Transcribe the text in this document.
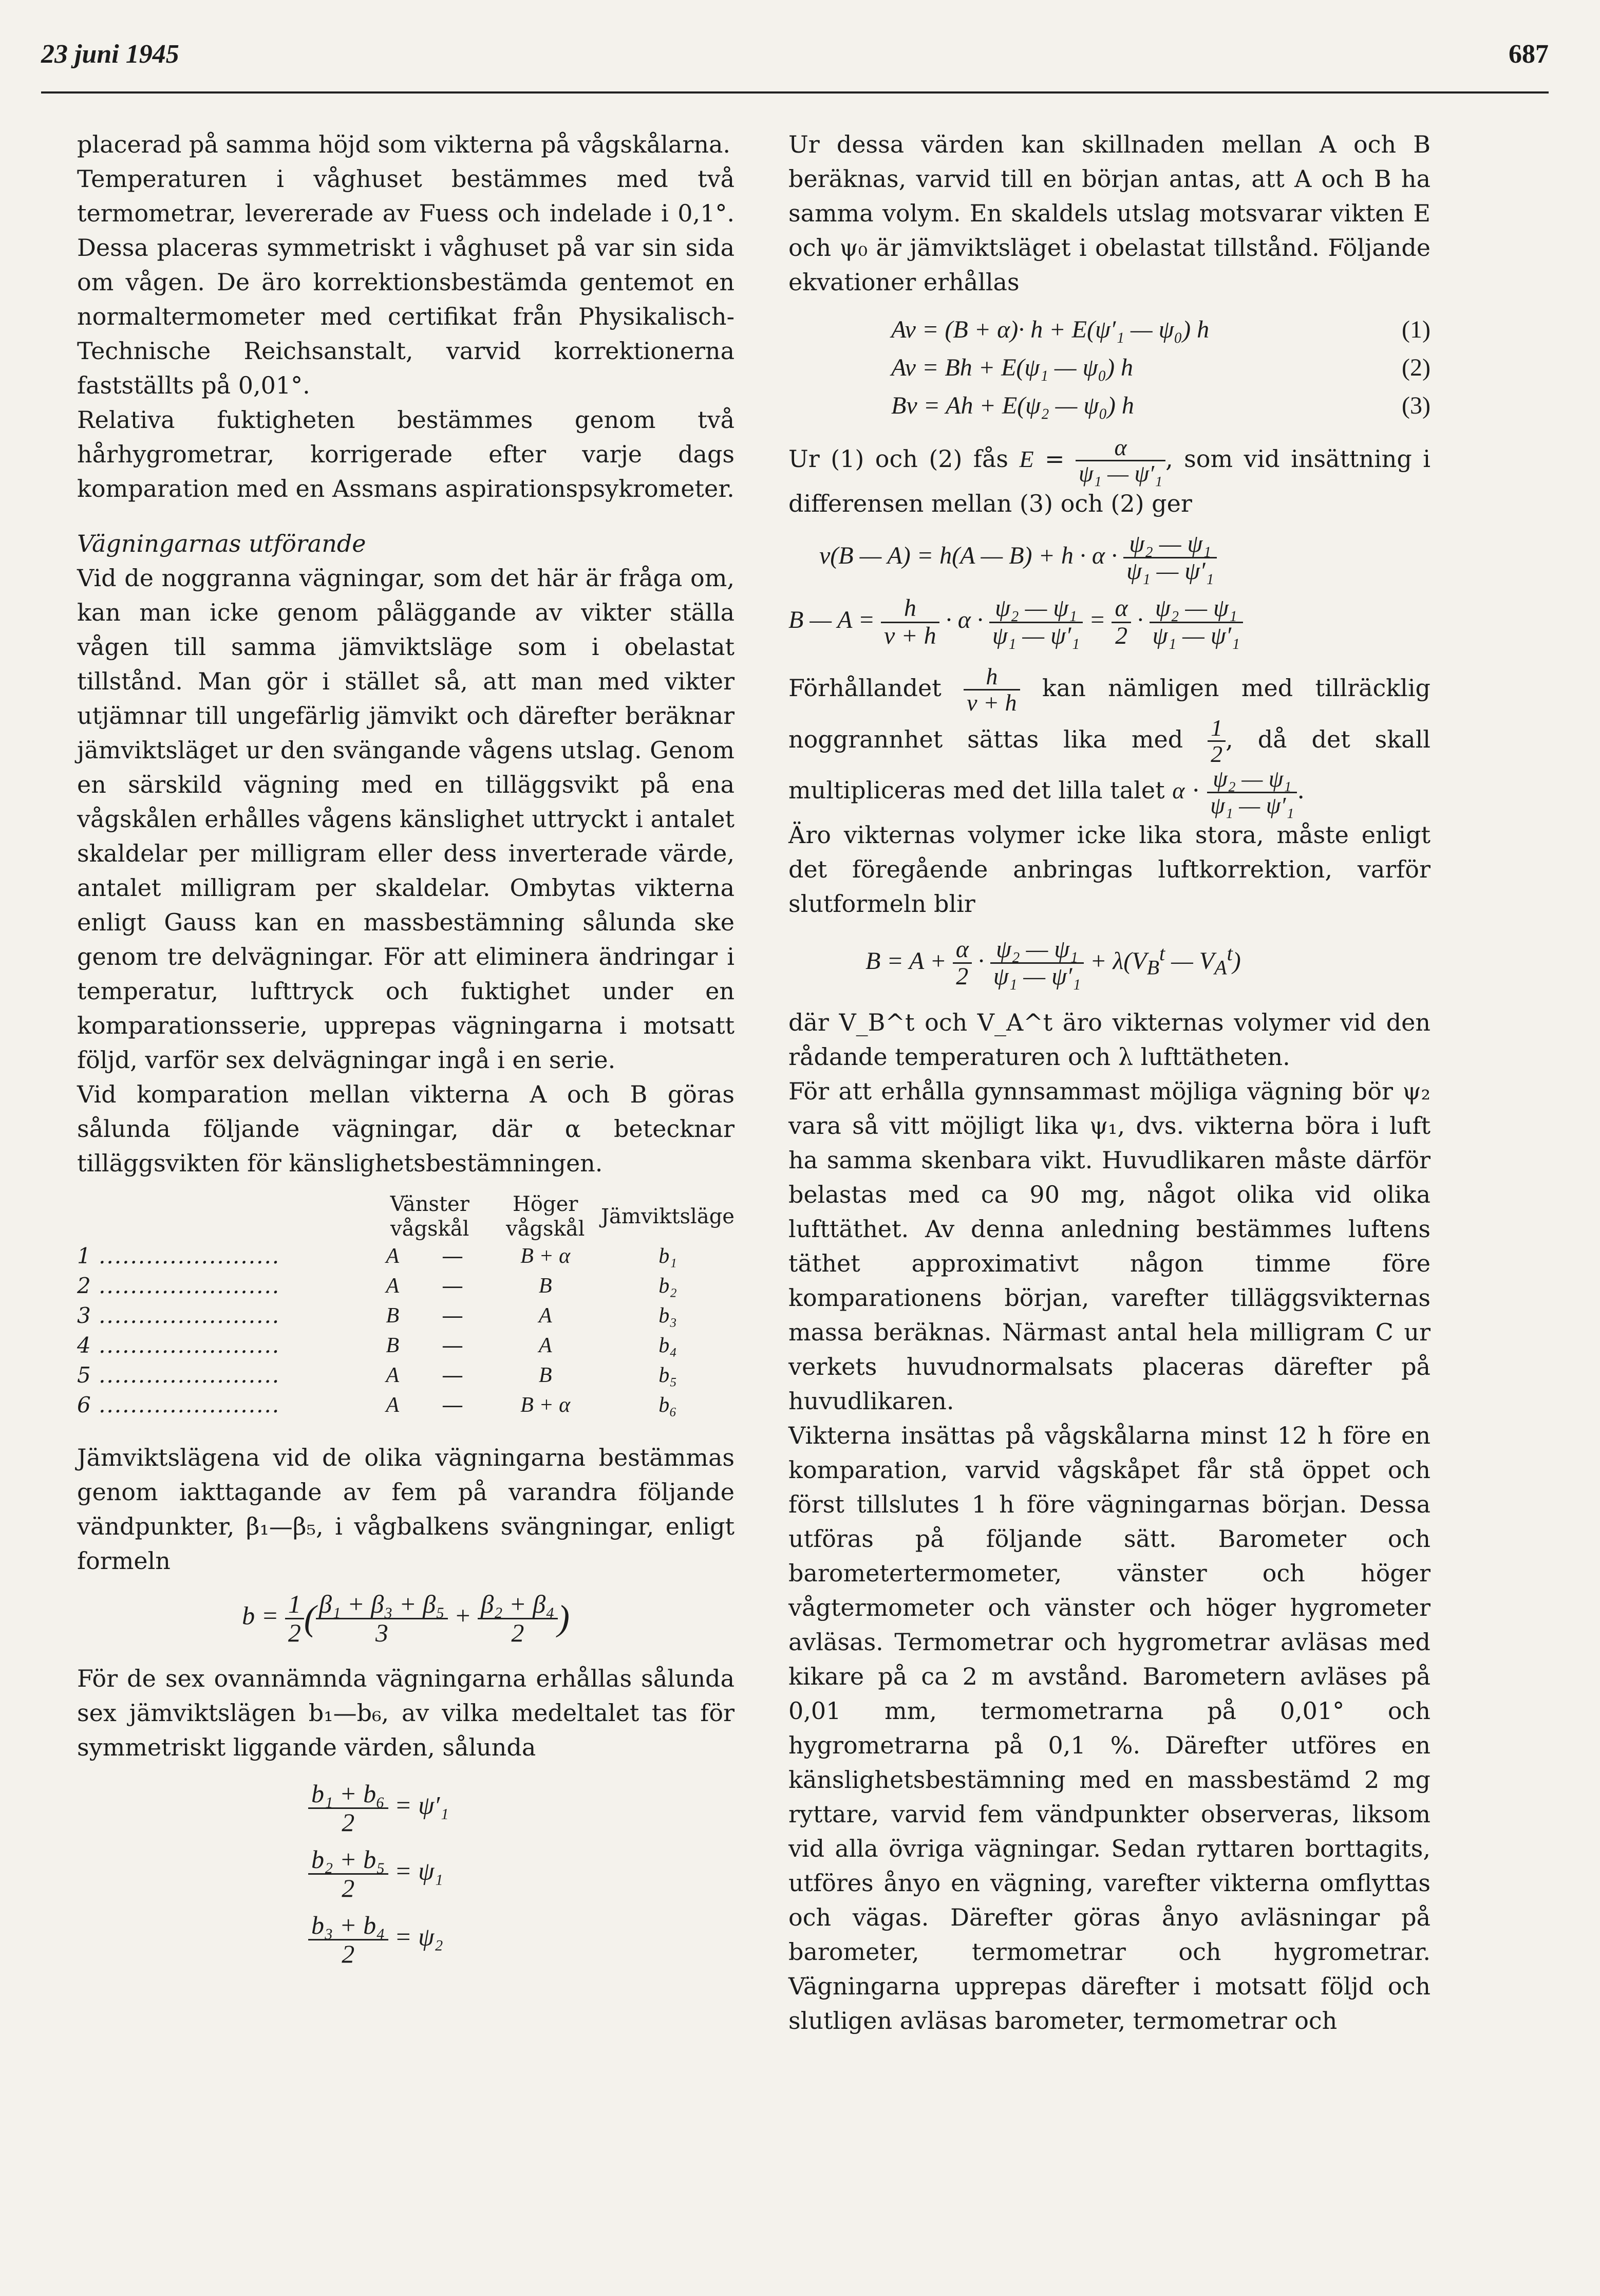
23 juni 1945	687

placerad på samma höjd som vikterna på vågskålarna.

Temperaturen i våghuset bestämmes med två termometrar, levererade av Fuess och indelade i 0,1°. Dessa placeras symmetriskt i våghuset på var sin sida om vågen. De äro korrektionsbestämda gentemot en normaltermometer med certifikat från Physikalisch-Technische Reichsanstalt, varvid korrektionerna fastställts på 0,01°.

Relativa fuktigheten bestämmes genom två hårhygrometrar, korrigerade efter varje dags komparation med en Assmans aspirationspsykrometer.

Vägningarnas utförande

Vid de noggranna vägningar, som det här är fråga om, kan man icke genom påläggande av vikter ställa vågen till samma jämviktsläge som i obelastat tillstånd. Man gör i stället så, att man med vikter utjämnar till ungefärlig jämvikt och därefter beräknar jämviktsläget ur den svängande vågens utslag. Genom en särskild vägning med en tilläggsvikt på ena vågskålen erhålles vågens känslighet uttryckt i antalet skaldelar per milligram eller dess inverterade värde, antalet milligram per skaldelar. Ombytas vikterna enligt Gauss kan en massbestämning sålunda ske genom tre delvägningar. För att eliminera ändringar i temperatur, lufttryck och fuktighet under en komparationsserie, upprepas vägningarna i motsatt följd, varför sex delvägningar ingå i en serie.

Vid komparation mellan vikterna A och B göras sålunda följande vägningar, där α betecknar tilläggsvikten för känslighetsbestämningen.

	Vänster vågskål		Höger vågskål	Jämviktsläge
1 .......................	A	—			B + α	b₁
2 .......................	A	—			B	b₂
3 .......................	B	—			A	b₃
4 .......................	B	—			A	b₄
5 .......................	A	—			B	b₅
6 .......................	A	—			B + α	b₆

Jämviktslägena vid de olika vägningarna bestämmas genom iakttagande av fem på varandra följande vändpunkter, β₁—β₅, i vågbalkens svängningar, enligt formeln

$b = \frac{1}{2}$ ( $\frac{\text{β₁ + β₃ + β₅}}{3} + \frac{\text{β₂ + β₄}}{2}$ )

För de sex ovannämnda vägningarna erhållas sålunda sex jämviktslägen b₁—b₆, av vilka medeltalet tas för symmetriskt liggande värden, sålunda

$\frac{\text{b₁ + b₆}}{2} = \psi'_1$
$\frac{\text{b₂ + b₅}}{2} = \psi_1$
$\frac{\text{b₃ + b₄}}{2} = \psi_2$

Ur dessa värden kan skillnaden mellan A och B beräknas, varvid till en början antas, att A och B ha samma volym. En skaldels utslag motsvarar vikten E och ψ₀ är jämviktsläget i obelastat tillstånd. Följande ekvationer erhållas

Av = (B + α)· h + E(ψ′₁ — ψ₀) h	(1)
Av = Bh + E(ψ₁ — ψ₀) h	(2)
Bv = Ah + E(ψ₂ — ψ₀) h	(3)

Ur (1) och (2) fås $E = \frac{\alpha}{\text{ψ₁ — ψ′₁}}$ , som vid insättning i differensen mellan (3) och (2) ger

v(B — A) = h(A — $B) + h \cdot \alpha \cdot \frac{\text{ψ₂ — ψ₁}}{\text{ψ₁ — ψ′₁}}$
B — $A = \frac{h}{v + h} \cdot \alpha \cdot \frac{\text{ψ₂ — ψ₁}}{\text{ψ₁ — ψ′₁}} = \frac{\alpha}{2} \cdot \frac{\text{ψ₂ — ψ₁}}{\text{ψ₁ — ψ′₁}}$

Förhållandet $\frac{h}{v + h}$ kan nämligen med tillräcklig noggrannhet sättas lika med $\frac{1}{2}$ , då det skall multipliceras med det lilla talet $\alpha \cdot \frac{\text{ψ₂ — ψ₁}}{\text{ψ₁ — ψ′₁}}$ .

Äro vikternas volymer icke lika stora, måste enligt det föregående anbringas luftkorrektion, varför slutformeln blir

$B = A + \frac{\alpha}{2} \cdot \frac{\text{ψ₂ — ψ₁}}{\text{ψ₁ — ψ′₁}} + \lambda(V_B^t$ — $V_A^t$)

där V_B^t och V_A^t äro vikternas volymer vid den rådande temperaturen och λ lufttätheten.

För att erhålla gynnsammast möjliga vägning bör ψ₂ vara så vitt möjligt lika ψ₁, dvs. vikterna böra i luft ha samma skenbara vikt. Huvudlikaren måste därför belastas med ca 90 mg, något olika vid olika lufttäthet. Av denna anledning bestämmes luftens täthet approximativt någon timme före komparationens början, varefter tilläggsvikternas massa beräknas. Närmast antal hela milligram C ur verkets huvudnormalsats placeras därefter på huvudlikaren.

Vikterna insättas på vågskålarna minst 12 h före en komparation, varvid vågskåpet får stå öppet och först tillslutes 1 h före vägningarnas början. Dessa utföras på följande sätt. Barometer och barometertermometer, vänster och höger vågtermometer och vänster och höger hygrometer avläsas. Termometrar och hygrometrar avläsas med kikare på ca 2 m avstånd. Barometern avläses på 0,01 mm, termometrarna på 0,01° och hygrometrarna på 0,1 %. Därefter utföres en känslighetsbestämning med en massbestämd 2 mg ryttare, varvid fem vändpunkter observeras, liksom vid alla övriga vägningar. Sedan ryttaren borttagits, utföres ånyo en vägning, varefter vikterna omflyttas och vägas. Därefter göras ånyo avläsningar på barometer, termometrar och hygrometrar. Vägningarna upprepas därefter i motsatt följd och slutligen avläsas barometer, termometrar och
